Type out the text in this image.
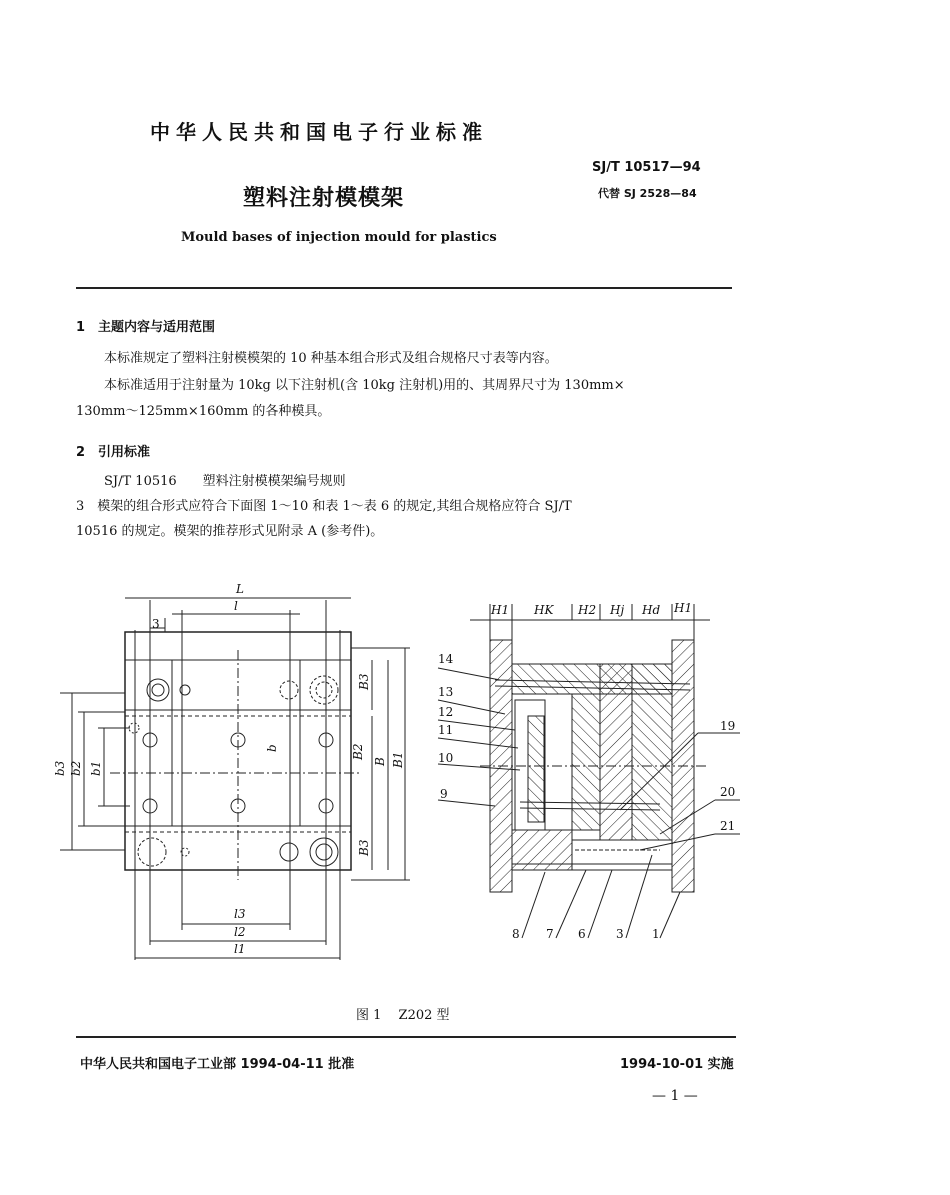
中华人民共和国电子行业标准
SJ/T 10517—94
代替 SJ 2528—84
塑料注射模模架
Mould bases of injection mould for plastics
1　主题内容与适用范围
本标准规定了塑料注射模模架的 10 种基本组合形式及组合规格尺寸表等内容。
本标准适用于注射量为 10kg 以下注射机(含 10kg 注射机)用的、其周界尺寸为 130mm×
130mm～125mm×160mm 的各种模具。
2　引用标准
SJ/T 10516　　塑料注射模模架编号规则
3　模架的组合形式应符合下面图 1～10 和表 1～表 6 的规定,其组合规格应符合 SJ/T
10516 的规定。模架的推荐形式见附录 A (参考件)。
L
l
3
b3 b2 b1
b
B3
B2
B B1
B3
l3
l2
l1
H1 HK H2 Hj Hd H1
14
13
12
11
10
9
19
20
21
8 7 6	3 1
图 1　 Z202 型
中华人民共和国电子工业部 1994-04-11 批准	1994-10-01 实施
— 1 —
